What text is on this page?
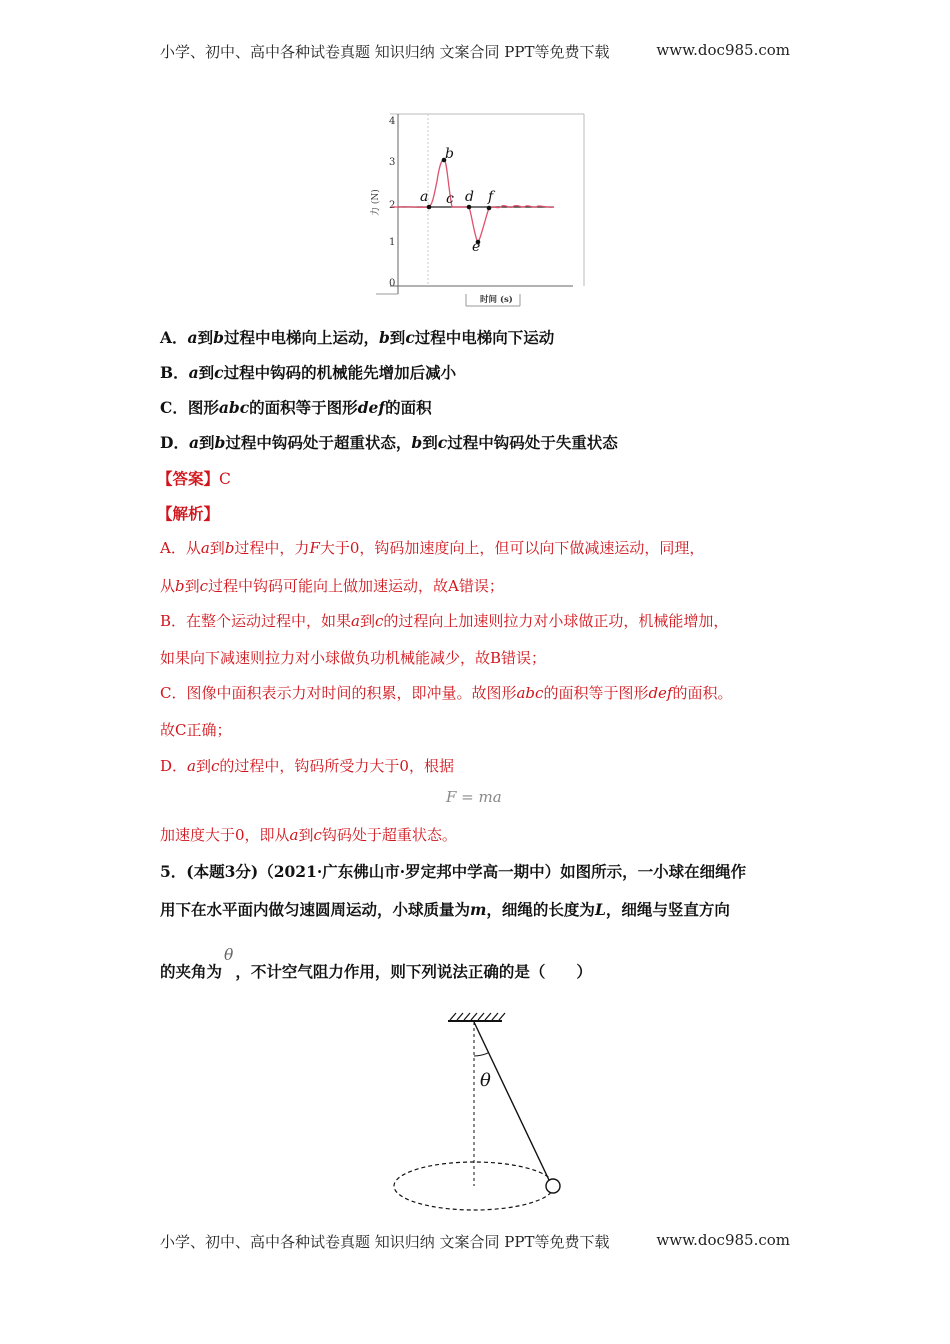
小学、初中、高中各种试卷真题 知识归纳 文案合同 PPT等免费下载	www.doc985.com
4
3
2
1
0
力 (N)
时间 (s)
a
b
c d
e
f
A．a到b过程中电梯向上运动，b到c过程中电梯向下运动
B．a到c过程中钩码的机械能先增加后减小
C．图形abc的面积等于图形def的面积
D．a到b过程中钩码处于超重状态，b到c过程中钩码处于失重状态
【答案】C
【解析】
A．从a到b过程中，力F大于0，钩码加速度向上，但可以向下做减速运动，同理，
从b到c过程中钩码可能向上做加速运动，故A错误；
B．在整个运动过程中，如果a到c的过程向上加速则拉力对小球做正功，机械能增加，
如果向下减速则拉力对小球做负功机械能减少，故B错误；
C．图像中面积表示力对时间的积累，即冲量。故图形abc的面积等于图形def的面积。
故C正确；
D．a到c的过程中，钩码所受力大于0，根据
F = ma
加速度大于0，即从a到c钩码处于超重状态。
5．(本题3分)（2021·广东佛山市·罗定邦中学高一期中）如图所示，一小球在细绳作
用下在水平面内做匀速圆周运动，小球质量为m，细绳的长度为L，细绳与竖直方向
的夹角为θ，不计空气阻力作用，则下列说法正确的是（　　）
θ
小学、初中、高中各种试卷真题 知识归纳 文案合同 PPT等免费下载	www.doc985.com
